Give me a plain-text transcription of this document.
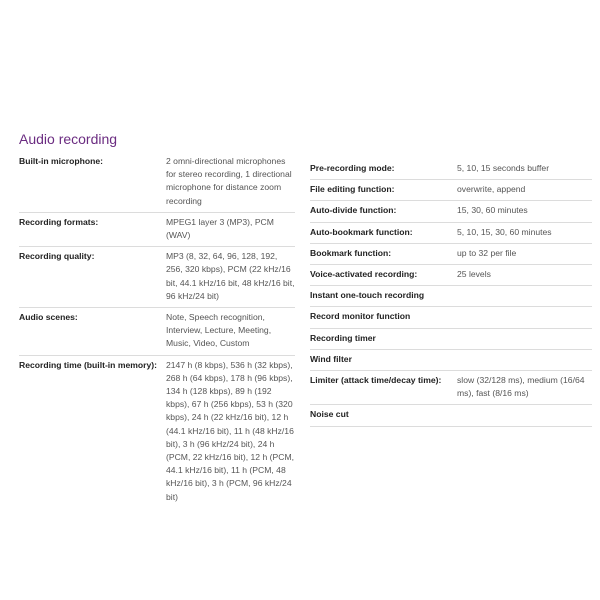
Audio recording
Built-in microphone:	2 omni-directional microphones for stereo recording, 1 directional microphone for distance zoom recording
Recording formats:	MPEG1 layer 3 (MP3), PCM (WAV)
Recording quality:	MP3 (8, 32, 64, 96, 128, 192, 256, 320 kbps), PCM (22 kHz/16 bit, 44.1 kHz/16 bit, 48 kHz/16 bit, 96 kHz/24 bit)
Audio scenes:	Note, Speech recognition, Interview, Lecture, Meeting, Music, Video, Custom
Recording time (built-in memory):	2147 h (8 kbps), 536 h (32 kbps), 268 h (64 kbps), 178 h (96 kbps), 134 h (128 kbps), 89 h (192 kbps), 67 h (256 kbps), 53 h (320 kbps), 24 h (22 kHz/16 bit), 12 h (44.1 kHz/16 bit), 11 h (48 kHz/16 bit), 3 h (96 kHz/24 bit), 24 h (PCM, 22 kHz/16 bit), 12 h (PCM, 44.1 kHz/16 bit), 11 h (PCM, 48 kHz/16 bit), 3 h (PCM, 96 kHz/24 bit)
Pre-recording mode:	5, 10, 15 seconds buffer
File editing function:	overwrite, append
Auto-divide function:	15, 30, 60 minutes
Auto-bookmark function:	5, 10, 15, 30, 60 minutes
Bookmark function:	up to 32 per file
Voice-activated recording:	25 levels
Instant one-touch recording
Record monitor function
Recording timer
Wind filter
Limiter (attack time/decay time):	slow (32/128 ms), medium (16/64 ms), fast (8/16 ms)
Noise cut
